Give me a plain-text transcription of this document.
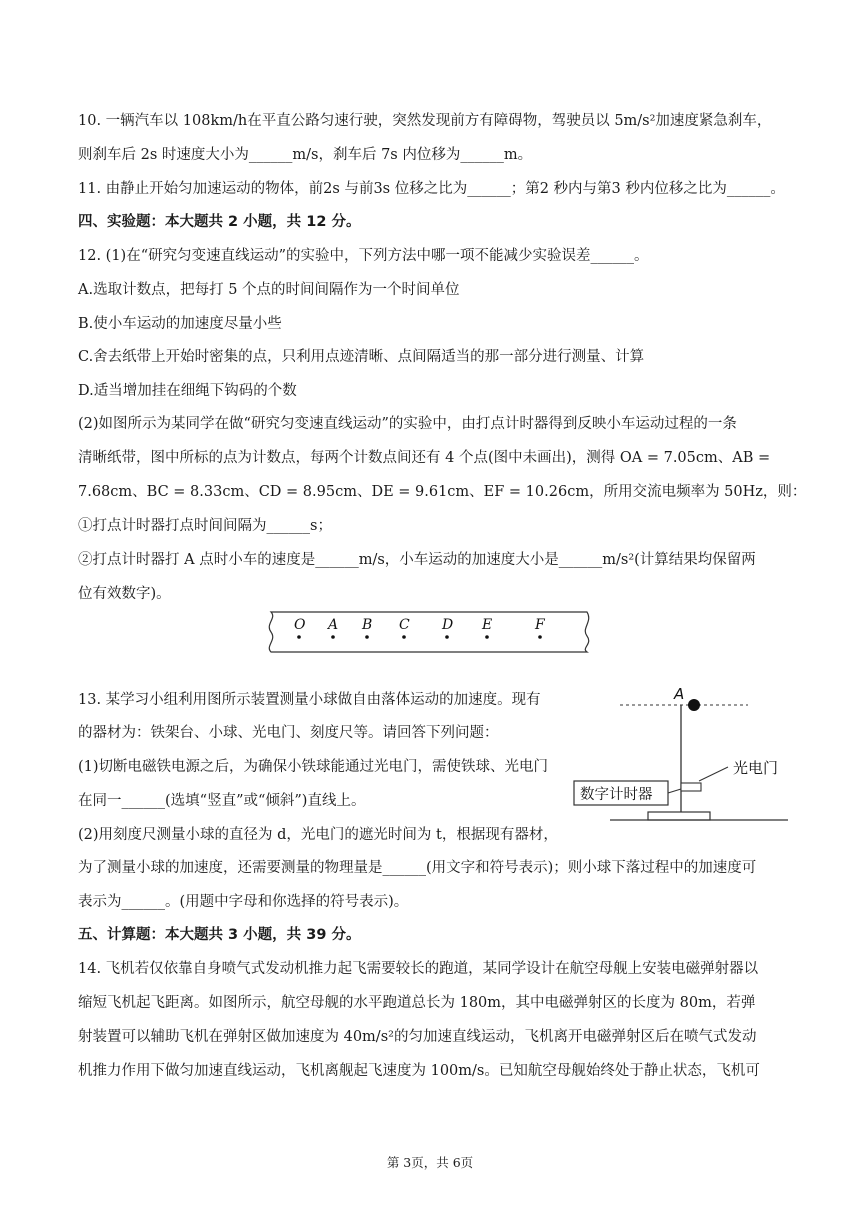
10. 一辆汽车以 108km/h在平直公路匀速行驶，突然发现前方有障碍物，驾驶员以 5m/s²加速度紧急刹车，
则刹车后 2s 时速度大小为______m/s，刹车后 7s 内位移为______m。
11. 由静止开始匀加速运动的物体，前2s 与前3s 位移之比为______；第2 秒内与第3 秒内位移之比为______。
四、实验题：本大题共 2 小题，共 12 分。
12. (1)在“研究匀变速直线运动”的实验中，下列方法中哪一项不能减少实验误差______。
A.选取计数点，把每打 5 个点的时间间隔作为一个时间单位
B.使小车运动的加速度尽量小些
C.舍去纸带上开始时密集的点，只利用点迹清晰、点间隔适当的那一部分进行测量、计算
D.适当增加挂在细绳下钩码的个数
(2)如图所示为某同学在做“研究匀变速直线运动”的实验中，由打点计时器得到反映小车运动过程的一条
清晰纸带，图中所标的点为计数点，每两个计数点间还有 4 个点(图中未画出)，测得 OA = 7.05cm、AB =
7.68cm、BC = 8.33cm、CD = 8.95cm、DE = 9.61cm、EF = 10.26cm，所用交流电频率为 50Hz，则：
①打点计时器打点时间间隔为______s；
②打点计时器打 A 点时小车的速度是______m/s，小车运动的加速度大小是______m/s²(计算结果均保留两
位有效数字)。
O A B C D E	F
13. 某学习小组利用图所示装置测量小球做自由落体运动的加速度。现有
的器材为：铁架台、小球、光电门、刻度尺等。请回答下列问题：
(1)切断电磁铁电源之后，为确保小铁球能通过光电门，需使铁球、光电门
在同一______(选填“竖直”或“倾斜”)直线上。
(2)用刻度尺测量小球的直径为 d，光电门的遮光时间为 t，根据现有器材，
为了测量小球的加速度，还需要测量的物理量是______(用文字和符号表示)；则小球下落过程中的加速度可
表示为______。(用题中字母和你选择的符号表示)。
A
数字计时器
光电门
五、计算题：本大题共 3 小题，共 39 分。
14. 飞机若仅依靠自身喷气式发动机推力起飞需要较长的跑道，某同学设计在航空母舰上安装电磁弹射器以
缩短飞机起飞距离。如图所示，航空母舰的水平跑道总长为 180m，其中电磁弹射区的长度为 80m，若弹
射装置可以辅助飞机在弹射区做加速度为 40m/s²的匀加速直线运动，飞机离开电磁弹射区后在喷气式发动
机推力作用下做匀加速直线运动，飞机离舰起飞速度为 100m/s。已知航空母舰始终处于静止状态，飞机可
第 3页，共 6页
